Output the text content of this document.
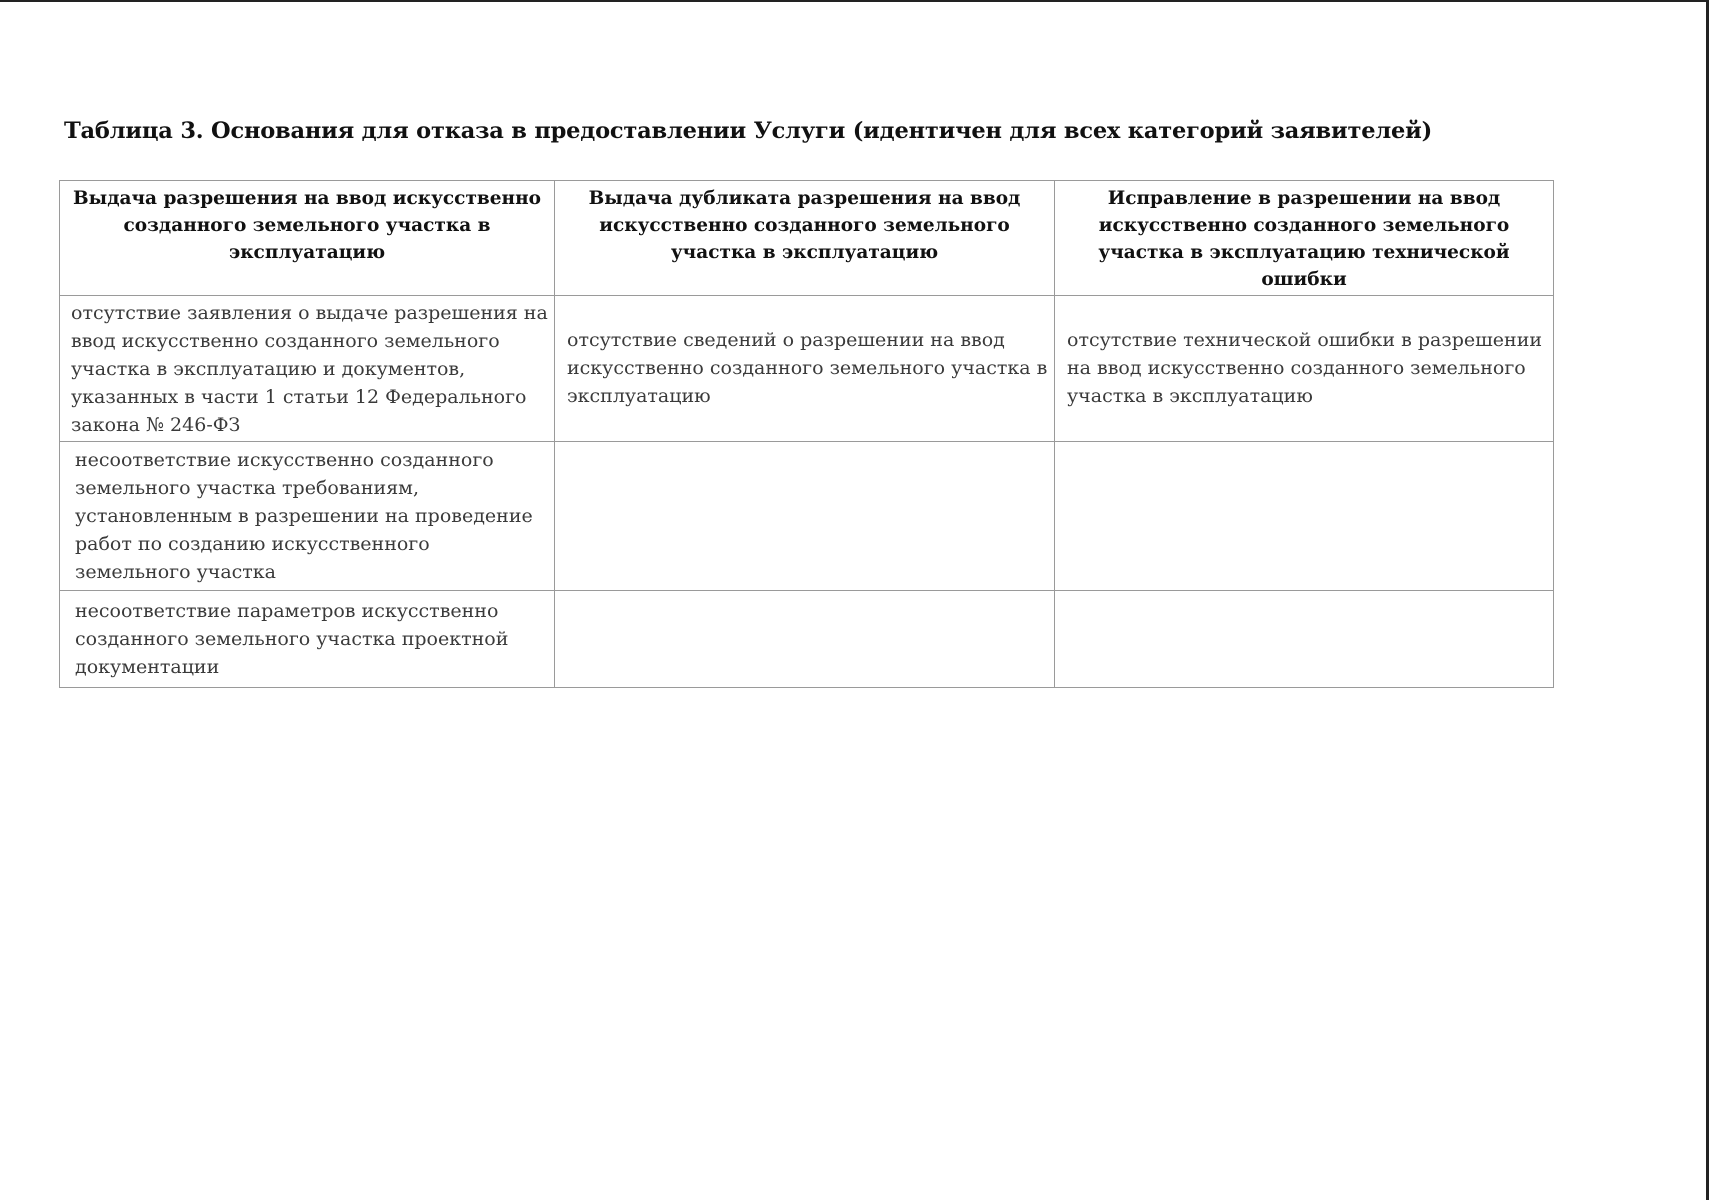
Таблица 3. Основания для отказа в предоставлении Услуги (идентичен для всех категорий заявителей)
Выдача разрешения на ввод искусственно созданного земельного участка в эксплуатацию	Выдача дубликата разрешения на ввод искусственно созданного земельного участка в эксплуатацию	Исправление в разрешении на ввод искусственно созданного земельного участка в эксплуатацию технической ошибки

отсутствие заявления о выдаче разрешения на ввод искусственно созданного земельного участка в эксплуатацию и документов, указанных в части 1 статьи 12 Федерального закона № 246-ФЗ	отсутствие сведений о разрешении на ввод искусственно созданного земельного участка в эксплуатацию	отсутствие технической ошибки в разрешении на ввод искусственно созданного земельного участка в эксплуатацию

несоответствие искусственно созданного земельного участка требованиям, установленным в разрешении на проведение работ по созданию искусственного земельного участка		

несоответствие параметров искусственно созданного земельного участка проектной документации		
